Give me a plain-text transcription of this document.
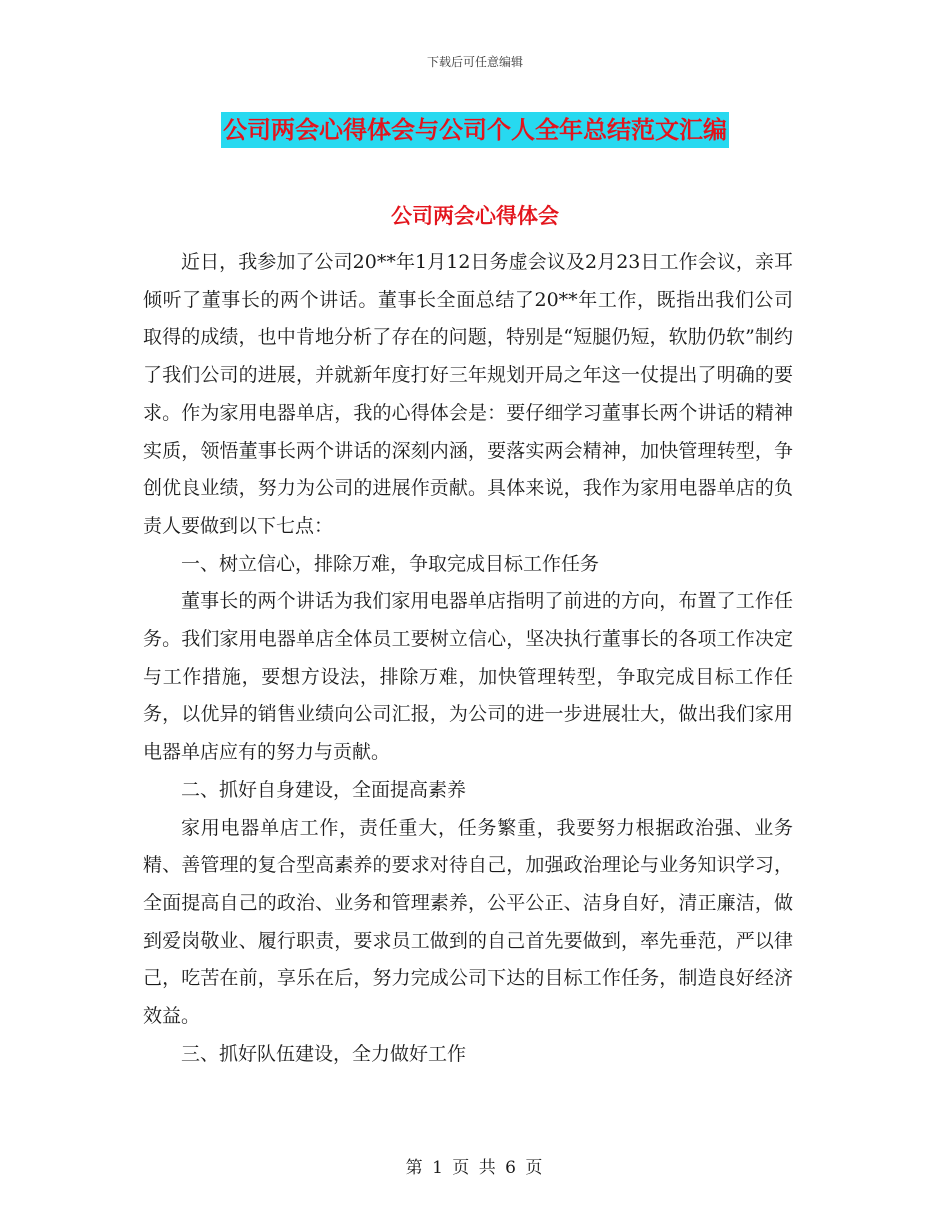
下载后可任意编辑
公司两会心得体会与公司个人全年总结范文汇编
公司两会心得体会

近日，我参加了公司20**年1月12日务虚会议及2月23日工作会议，亲耳倾听了董事长的两个讲话。董事长全面总结了20**年工作，既指出我们公司取得的成绩，也中肯地分析了存在的问题，特别是“短腿仍短，软肋仍软”制约了我们公司的进展，并就新年度打好三年规划开局之年这一仗提出了明确的要求。作为家用电器单店，我的心得体会是：要仔细学习董事长两个讲话的精神实质，领悟董事长两个讲话的深刻内涵，要落实两会精神，加快管理转型，争创优良业绩，努力为公司的进展作贡献。具体来说，我作为家用电器单店的负责人要做到以下七点：

一、树立信心，排除万难，争取完成目标工作任务

董事长的两个讲话为我们家用电器单店指明了前进的方向，布置了工作任务。我们家用电器单店全体员工要树立信心，坚决执行董事长的各项工作决定与工作措施，要想方设法，排除万难，加快管理转型，争取完成目标工作任务，以优异的销售业绩向公司汇报，为公司的进一步进展壮大，做出我们家用电器单店应有的努力与贡献。

二、抓好自身建设，全面提高素养

家用电器单店工作，责任重大，任务繁重，我要努力根据政治强、业务精、善管理的复合型高素养的要求对待自己，加强政治理论与业务知识学习，全面提高自己的政治、业务和管理素养，公平公正、洁身自好，清正廉洁，做到爱岗敬业、履行职责，要求员工做到的自己首先要做到，率先垂范，严以律己，吃苦在前，享乐在后，努力完成公司下达的目标工作任务，制造良好经济效益。

三、抓好队伍建设，全力做好工作

第 1 页 共 6 页
